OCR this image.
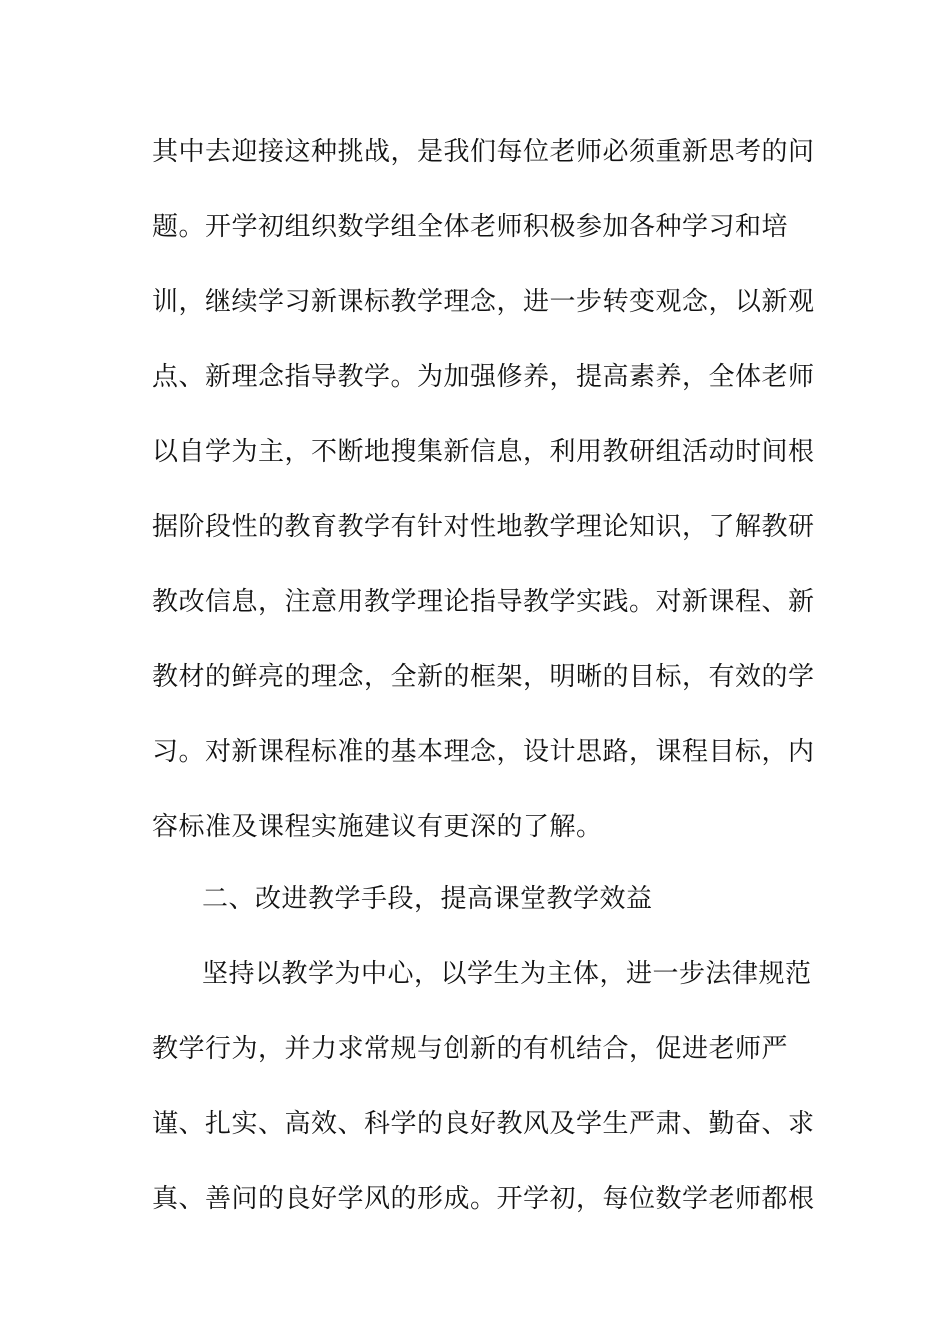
其中去迎接这种挑战，是我们每位老师必须重新思考的问
题。开学初组织数学组全体老师积极参加各种学习和培
训，继续学习新课标教学理念，进一步转变观念，以新观
点、新理念指导教学。为加强修养，提高素养，全体老师
以自学为主，不断地搜集新信息，利用教研组活动时间根
据阶段性的教育教学有针对性地教学理论知识，了解教研
教改信息，注意用教学理论指导教学实践。对新课程、新
教材的鲜亮的理念，全新的框架，明晰的目标，有效的学
习。对新课程标准的基本理念，设计思路，课程目标，内
容标准及课程实施建议有更深的了解。
二、改进教学手段，提高课堂教学效益
坚持以教学为中心，以学生为主体，进一步法律规范
教学行为，并力求常规与创新的有机结合，促进老师严
谨、扎实、高效、科学的良好教风及学生严肃、勤奋、求
真、善问的良好学风的形成。开学初，每位数学老师都根
